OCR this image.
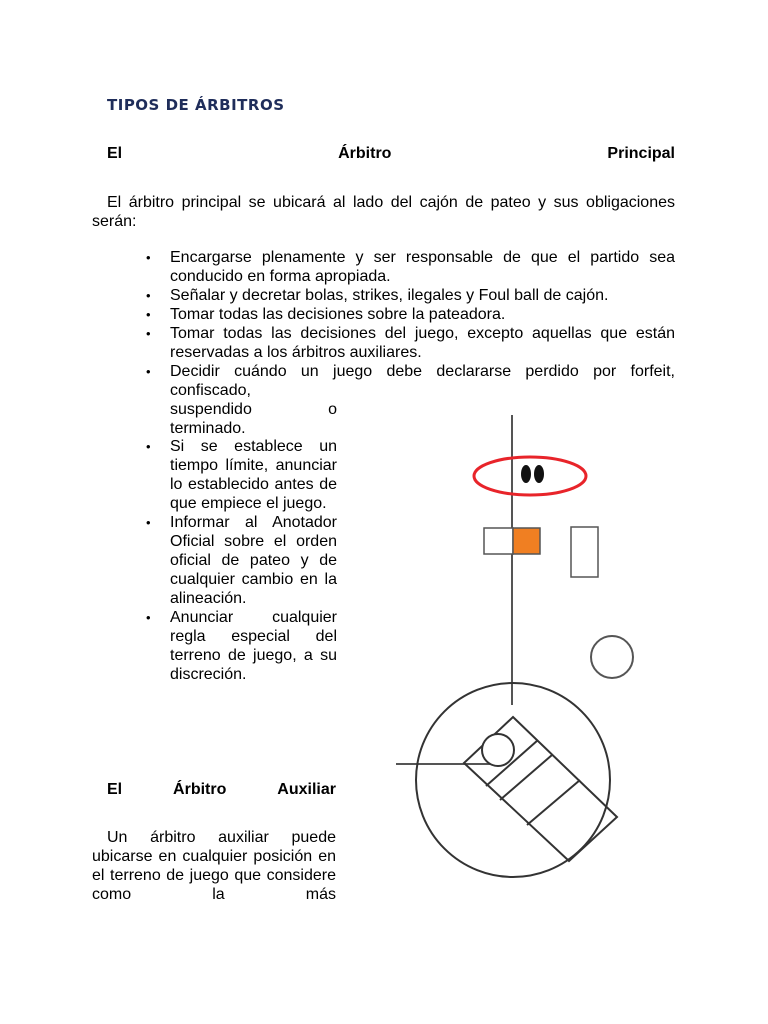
TIPOS DE ÁRBITROS
El	Árbitro	Principal
El árbitro principal se ubicará al lado del cajón de pateo y sus obligaciones serán:
• Encargarse plenamente y ser responsable de que el partido sea conducido en forma apropiada.
• Señalar y decretar bolas, strikes, ilegales y Foul ball de cajón.
• Tomar todas las decisiones sobre la pateadora.
• Tomar todas las decisiones del juego, excepto aquellas que están reservadas a los árbitros auxiliares.
• Decidir cuándo un juego debe declararse perdido por forfeit,
confiscado,
suspendido	o
terminado.
• Si se establece un tiempo límite, anunciar lo establecido antes de que empiece el juego.
• Informar al Anotador Oficial sobre el orden oficial de pateo y de cualquier cambio en la alineación.
• Anunciar cualquier regla especial del terreno de juego, a su discreción.
El	Árbitro	Auxiliar
Un árbitro auxiliar puede ubicarse en cualquier posición en el terreno de juego que considere como la más
